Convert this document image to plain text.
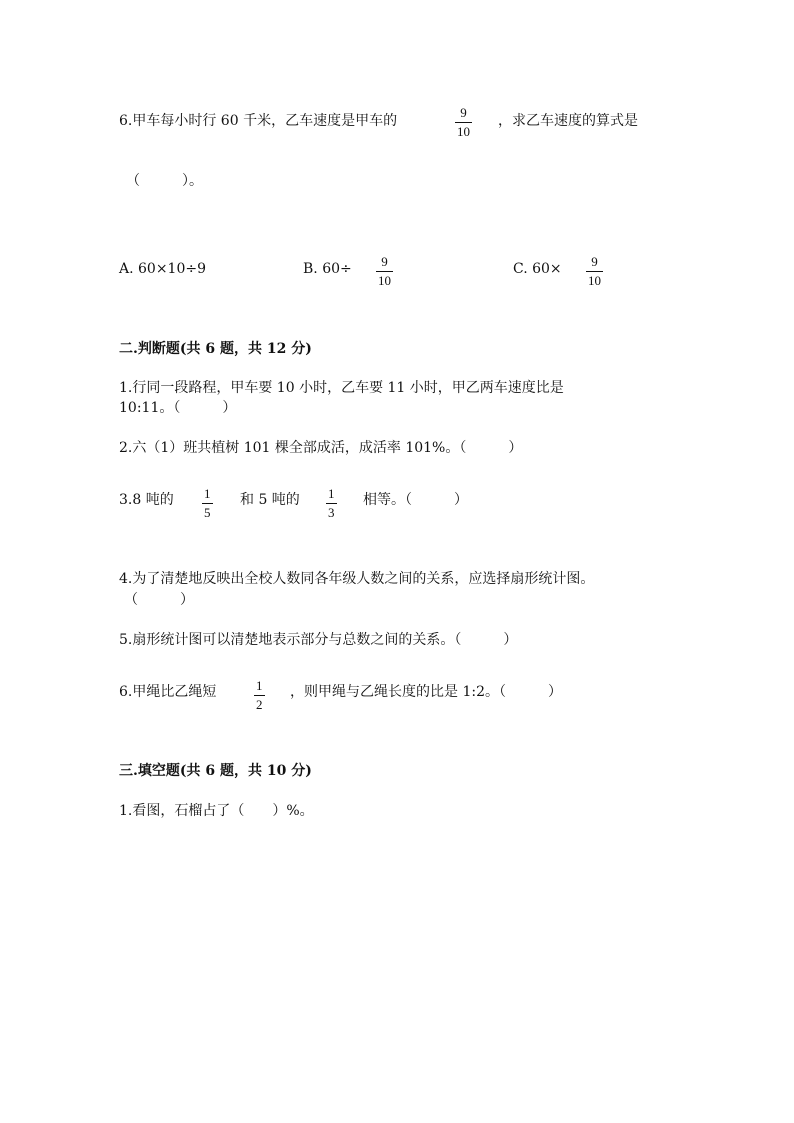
6.甲车每小时行 60 千米，乙车速度是甲车的
9
10
，求乙车速度的算式是
（　　　）。
A. 60×10÷9	B. 60÷ 9
10
C. 60× 9
10
二.判断题(共 6 题，共 12 分)
1.行同一段路程，甲车要 10 小时，乙车要 11 小时，甲乙两车速度比是
10:11。（　　　）
2.六（1）班共植树 101 棵全部成活，成活率 101%。（　　　）
3.8 吨的 1
5
和 5 吨的 1
3
相等。（　　　）
4.为了清楚地反映出全校人数同各年级人数之间的关系，应选择扇形统计图。
（　　　）
5.扇形统计图可以清楚地表示部分与总数之间的关系。（　　　）
6.甲绳比乙绳短	1
2
，则甲绳与乙绳长度的比是 1:2。（　　　）
三.填空题(共 6 题，共 10 分)
1.看图，石榴占了（　　）%。
